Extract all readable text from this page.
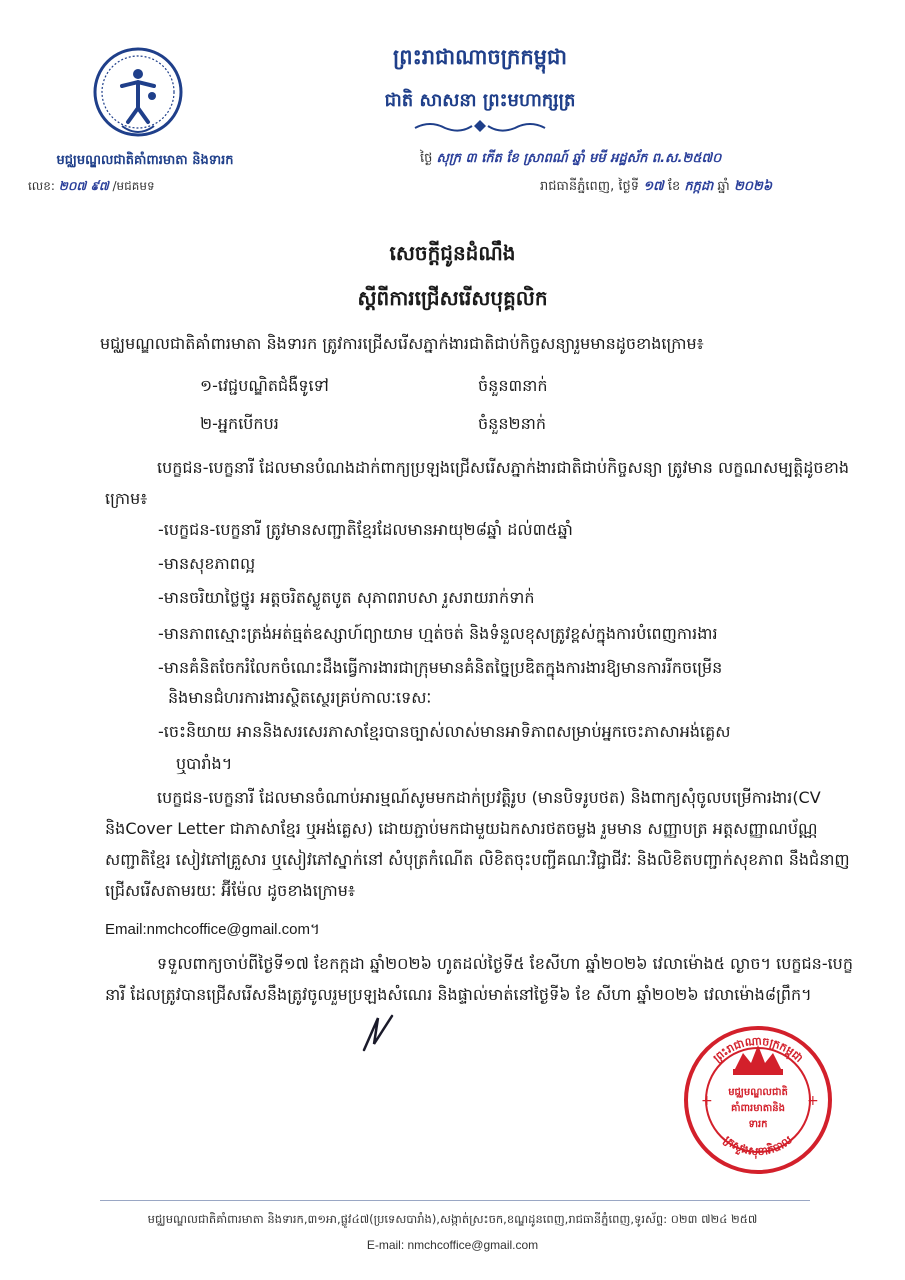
មជ្ឈមណ្ឌលជាតិគាំពារមាតា និងទារក
លេខ: ២០៧ ៩៧ /មជគមទ
ព្រះរាជាណាចក្រកម្ពុជា
ជាតិ សាសនា ព្រះមហាក្សត្រ
ថ្ងៃ សុក្រ ៣ កើត ខែ ស្រាពណ៍ ឆ្នាំ មមី អដ្ឋស័ក ព.ស.២៥៧០
រាជធានីភ្នំពេញ, ថ្ងៃទី ១៧ ខែ កក្កដា ឆ្នាំ ២០២៦
សេចក្តីជូនដំណឹង
ស្តីពីការជ្រើសរើសបុគ្គលិក
មជ្ឈមណ្ឌលជាតិគាំពារមាតា និងទារក ត្រូវការជ្រើសរើសភ្នាក់ងារជាតិជាប់កិច្ចសន្យារួមមានដូចខាងក្រោម៖
១-វេជ្ជបណ្ឌិតជំងឺទូទៅ	ចំនួន៣នាក់
២-អ្នកបើកបរ	ចំនួន២នាក់
បេក្ខជន-បេក្ខនារី ដែលមានបំណងដាក់ពាក្យប្រឡងជ្រើសរើសភ្នាក់ងារជាតិជាប់កិច្ចសន្យា ត្រូវមាន លក្ខណសម្បត្តិដូចខាងក្រោម៖
-បេក្ខជន-បេក្ខនារី ត្រូវមានសញ្ជាតិខ្មែរដែលមានអាយុ២៨ឆ្នាំ ដល់៣៥ឆ្នាំ
-មានសុខភាពល្អ
-មានចរិយាថ្លៃថ្នូរ អត្តចរិតស្លូតបូត សុភាពរាបសា រួសរាយរាក់ទាក់
-មានភាពស្មោះត្រង់អត់ធ្មត់ឧស្សាហ៍ព្យាយាម ហ្មត់ចត់ និងទំនួលខុសត្រូវខ្ពស់ក្នុងការបំពេញការងារ
-មានគំនិតចែករំលែកចំណេះដឹងធ្វើការងារជាក្រុមមានគំនិតច្នៃប្រឌិតក្នុងការងារឱ្យមានការរីកចម្រើន
និងមានជំហរការងារស្ថិតស្ថេរគ្រប់កាលៈទេសៈ
-ចេះនិយាយ អាននិងសរសេរភាសាខ្មែរបានច្បាស់លាស់មានអាទិភាពសម្រាប់អ្នកចេះភាសាអង់គ្លេស
ឬបារាំង។
បេក្ខជន-បេក្ខនារី ដែលមានចំណាប់អារម្មណ៍សូមមកដាក់ប្រវត្តិរូប (មានបិទរូបថត) និងពាក្យសុំចូលបម្រើការងារ(CV និងCover Letter ជាភាសាខ្មែរ ឬអង់គ្លេស) ដោយភ្ជាប់មកជាមួយឯកសារថតចម្លង រួមមាន សញ្ញាបត្រ អត្តសញ្ញាណប័ណ្ណសញ្ជាតិខ្មែរ សៀវភៅគ្រួសារ ឬសៀវភៅស្នាក់នៅ សំបុត្រកំណើត លិខិតចុះបញ្ជីគណៈវិជ្ជាជីវៈ និងលិខិតបញ្ជាក់សុខភាព នឹងជំនាញជ្រើសរើសតាមរយៈ អ៊ីម៉ែល ដូចខាងក្រោម៖
Email:nmchcoffice@gmail.com។
ទទួលពាក្យចាប់ពីថ្ងៃទី១៧ ខែកក្កដា ឆ្នាំ២០២៦ ហូតដល់ថ្ងៃទី៥ ខែសីហា ឆ្នាំ២០២៦ វេលាម៉ោង៥ ល្ងាច។ បេក្ខជន-បេក្ខនារី ដែលត្រូវបានជ្រើសរើសនឹងត្រូវចូលរួមប្រឡងសំណេរ និងផ្ទាល់មាត់នៅថ្ងៃទី៦ ខែ សីហា ឆ្នាំ២០២៦ វេលាម៉ោង៨ព្រឹក។
+	+
មជ្ឈមណ្ឌលជាតិ
គាំពារមាតានិង
ទារក
ព្រះរាជាណាចក្រកម្ពុជា
ក្រសួងសុខាភិបាល
មជ្ឈមណ្ឌលជាតិគាំពារមាតា និងទារក,៣១អា,ផ្លូវ៤៧(ប្រទេសបារាំង),សង្កាត់ស្រះចក,ខណ្ឌដូនពេញ,រាជធានីភ្នំពេញ,ទូរស័ព្ទ: ០២៣ ៧២៤ ២៥៧
E-mail: nmchcoffice@gmail.com
